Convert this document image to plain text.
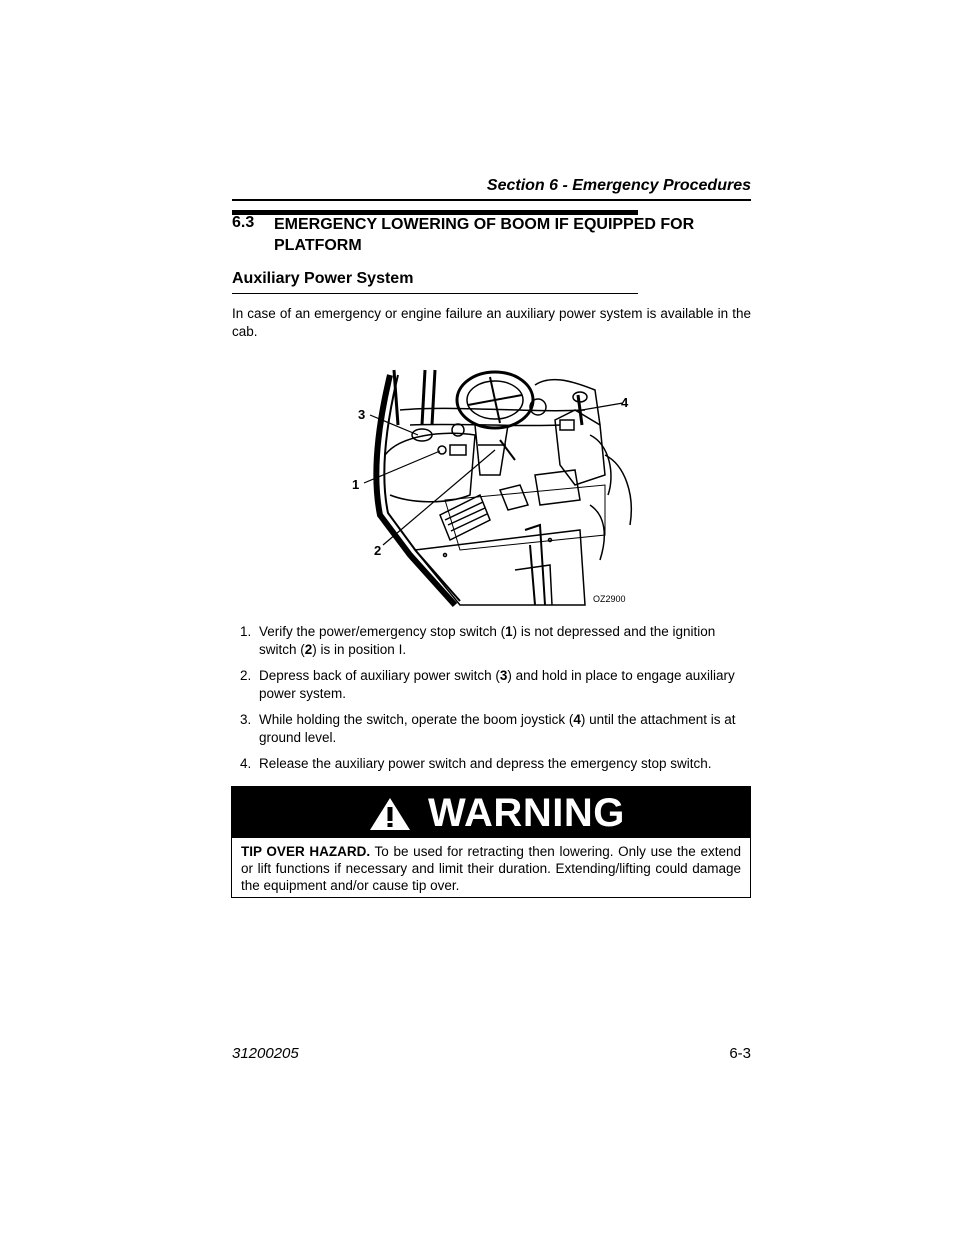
Section 6 - Emergency Procedures
6.3 EMERGENCY LOWERING OF BOOM IF EQUIPPED FOR PLATFORM
Auxiliary Power System
In case of an emergency or engine failure an auxiliary power system is available in the cab.
3
4
1
2
OZ2900
1. Verify the power/emergency stop switch (1) is not depressed and the ignition switch (2) is in position I.
2. Depress back of auxiliary power switch (3) and hold in place to engage auxiliary power system.
3. While holding the switch, operate the boom joystick (4) until the attachment is at ground level.
4. Release the auxiliary power switch and depress the emergency stop switch.
WARNING
TIP OVER HAZARD. To be used for retracting then lowering. Only use the extend or lift functions if necessary and limit their duration. Extending/lifting could damage the equipment and/or cause tip over.
31200205	6-3
